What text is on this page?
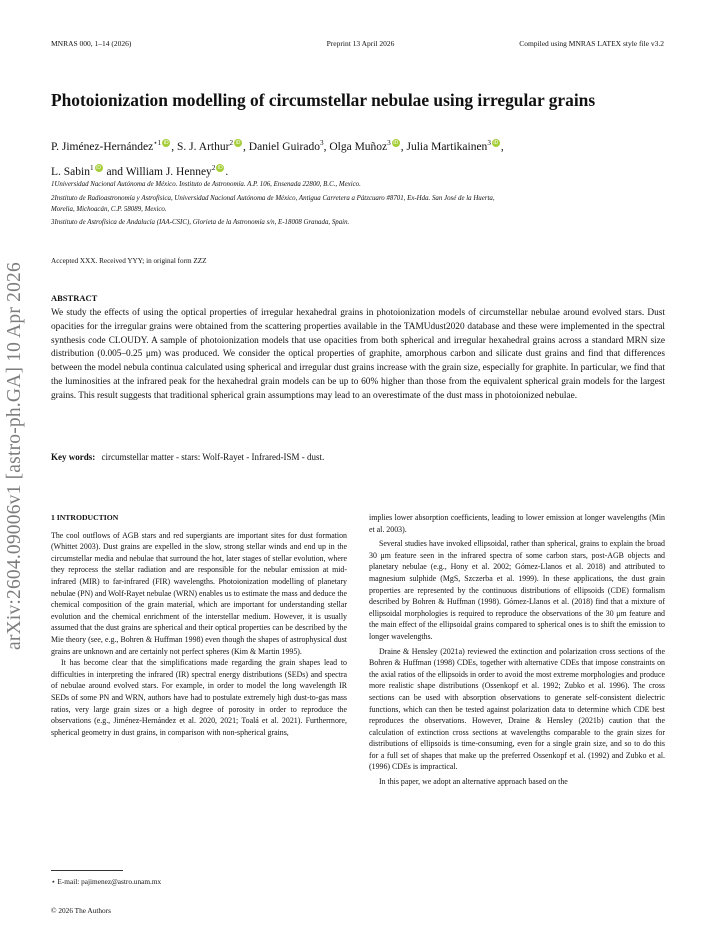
MNRAS 000, 1–14 (2026)	Preprint 13 April 2026	Compiled using MNRAS LATEX style file v3.2
arXiv:2604.09006v1 [astro-ph.GA] 10 Apr 2026
Photoionization modelling of circumstellar nebulae using irregular grains
P. Jiménez-Hernández$^{⋆1}$ iD , S. J. Arthur$^2$ iD , Daniel Guirado$^3$, Olga Muñoz$^3$ iD , Julia Martikainen$^3$ iD ,
L. Sabin$^1$ iD and William J. Henney$^2$ iD .
1Universidad Nacional Autónoma de México. Instituto de Astronomía. A.P. 106, Ensenada 22800, B.C., Mexico.
2Instituto de Radioastronomía y Astrofísica, Universidad Nacional Autónoma de México, Antigua Carretera a Pátzcuaro #8701, Ex-Hda. San José de la Huerta,
Morelia, Michoacán, C.P. 58089, Mexico.
3Instituto de Astrofísica de Andalucía (IAA-CSIC), Glorieta de la Astronomía s/n, E-18008 Granada, Spain.
Accepted XXX. Received YYY; in original form ZZZ
ABSTRACT
We study the effects of using the optical properties of irregular hexahedral grains in photoionization models of circumstellar nebulae around evolved stars. Dust opacities for the irregular grains were obtained from the scattering properties available in the TAMUdust2020 database and these were implemented in the spectral synthesis code CLOUDY. A sample of photoionization models that use opacities from both spherical and irregular hexahedral grains across a standard MRN size distribution (0.005–0.25 μm) was produced. We consider the optical properties of graphite, amorphous carbon and silicate dust grains and find that differences between the model nebula continua calculated using spherical and irregular dust grains increase with the grain size, especially for graphite. In particular, we find that the luminosities at the infrared peak for the hexahedral grain models can be up to 60% higher than those from the equivalent spherical grain models for the largest grains. This result suggests that traditional spherical grain assumptions may lead to an overestimate of the dust mass in photoionized nebulae.
Key words: circumstellar matter - stars: Wolf-Rayet - Infrared-ISM - dust.

1 INTRODUCTION

The cool outflows of AGB stars and red supergiants are important sites for dust formation (Whittet 2003). Dust grains are expelled in the slow, strong stellar winds and end up in the circumstellar media and nebulae that surround the hot, later stages of stellar evolution, where they reprocess the stellar radiation and are responsible for the nebular emission at mid-infrared (MIR) to far-infrared (FIR) wavelengths. Photoionization modelling of planetary nebulae (PN) and Wolf-Rayet nebulae (WRN) enables us to estimate the mass and deduce the chemical composition of the grain material, which are important for understanding stellar evolution and the chemical enrichment of the interstellar medium. However, it is usually assumed that the dust grains are spherical and their optical properties can be described by the Mie theory (see, e.g., Bohren & Huffman 1998) even though the shapes of astrophysical dust grains are unknown and are certainly not perfect spheres (Kim & Martin 1995).

It has become clear that the simplifications made regarding the grain shapes lead to difficulties in interpreting the infrared (IR) spectral energy distributions (SEDs) and spectra of nebulae around evolved stars. For example, in order to model the long wavelength IR SEDs of some PN and WRN, authors have had to postulate extremely high dust-to-gas mass ratios, very large grain sizes or a high degree of porosity in order to reproduce the observations (e.g., Jiménez-Hernández et al. 2020, 2021; Toalá et al. 2021). Furthermore, spherical geometry in dust grains, in comparison with non-spherical grains,

⋆ E-mail: pajimenez@astro.unam.mx
© 2026 The Authors

implies lower absorption coefficients, leading to lower emission at longer wavelengths (Min et al. 2003).

Several studies have invoked ellipsoidal, rather than spherical, grains to explain the broad 30 μm feature seen in the infrared spectra of some carbon stars, post-AGB objects and planetary nebulae (e.g., Hony et al. 2002; Gómez-Llanos et al. 2018) and attributed to magnesium sulphide (MgS, Szczerba et al. 1999). In these applications, the dust grain properties are represented by the continuous distributions of ellipsoids (CDE) formalism described by Bohren & Huffman (1998). Gómez-Llanos et al. (2018) find that a mixture of ellipsoidal morphologies is required to reproduce the observations of the 30 μm feature and the main effect of the ellipsoidal grains compared to spherical ones is to shift the emission to longer wavelengths.

Draine & Hensley (2021a) reviewed the extinction and polarization cross sections of the Bohren & Huffman (1998) CDEs, together with alternative CDEs that impose constraints on the axial ratios of the ellipsoids in order to avoid the most extreme morphologies and produce more realistic shape distributions (Ossenkopf et al. 1992; Zubko et al. 1996). The cross sections can be used with absorption observations to generate self-consistent dielectric functions, which can then be tested against polarization data to determine which CDE best reproduces the observations. However, Draine & Hensley (2021b) caution that the calculation of extinction cross sections at wavelengths comparable to the grain sizes for distributions of ellipsoids is time-consuming, even for a single grain size, and so to do this for a full set of shapes that make up the preferred Ossenkopf et al. (1992) and Zubko et al. (1996) CDEs is impractical.

In this paper, we adopt an alternative approach based on the
